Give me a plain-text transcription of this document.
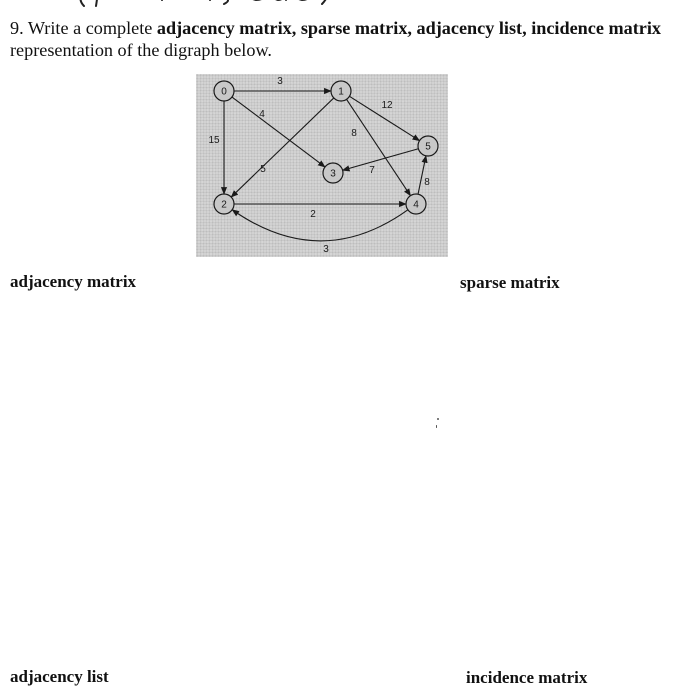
9. Write a complete adjacency matrix, sparse matrix, adjacency list, incidence matrix
representation of the digraph below.
3
4
15
12
8
5	7
8
2
3
0	1
2
3
4
5
adjacency matrix	sparse matrix
adjacency list	incidence matrix
